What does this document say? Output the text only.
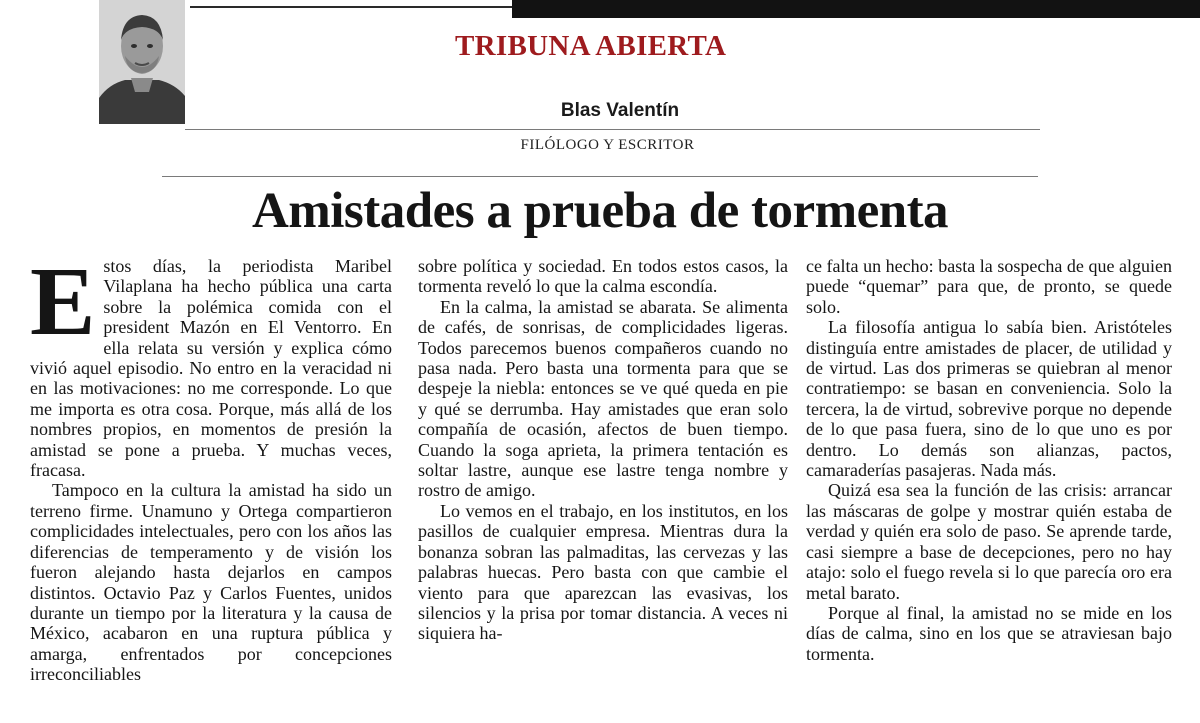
TRIBUNA ABIERTA
Blas Valentín
FILÓLOGO Y ESCRITOR
Amistades a prueba de tormenta
E stos días, la periodista Maribel Vilaplana ha hecho pública una carta sobre la polémica comida con el president Mazón en El Ventorro. En ella relata su versión y explica cómo vivió aquel episodio. No entro en la veracidad ni en las motivaciones: no me corresponde. Lo que me importa es otra cosa. Porque, más allá de los nombres propios, en momentos de presión la amistad se pone a prueba. Y muchas veces, fracasa.

Tampoco en la cultura la amistad ha sido un terreno firme. Unamuno y Ortega compartieron complicidades intelectuales, pero con los años las diferencias de temperamento y de visión los fueron alejando hasta dejarlos en campos distintos. Octavio Paz y Carlos Fuentes, unidos durante un tiempo por la literatura y la causa de México, acabaron en una ruptura pública y amarga, enfrentados por concepciones irreconciliables

sobre política y sociedad. En todos estos casos, la tormenta reveló lo que la calma escondía.

En la calma, la amistad se abarata. Se alimenta de cafés, de sonrisas, de complicidades ligeras. Todos parecemos buenos compañeros cuando no pasa nada. Pero basta una tormenta para que se despeje la niebla: entonces se ve qué queda en pie y qué se derrumba. Hay amistades que eran solo compañía de ocasión, afectos de buen tiempo. Cuando la soga aprieta, la primera tentación es soltar lastre, aunque ese lastre tenga nombre y rostro de amigo.

Lo vemos en el trabajo, en los institutos, en los pasillos de cualquier empresa. Mientras dura la bonanza sobran las palmaditas, las cervezas y las palabras huecas. Pero basta con que cambie el viento para que aparezcan las evasivas, los silencios y la prisa por tomar distancia. A veces ni siquiera ha-

ce falta un hecho: basta la sospecha de que alguien puede “quemar” para que, de pronto, se quede solo.

La filosofía antigua lo sabía bien. Aristóteles distinguía entre amistades de placer, de utilidad y de virtud. Las dos primeras se quiebran al menor contratiempo: se basan en conveniencia. Solo la tercera, la de virtud, sobrevive porque no depende de lo que pasa fuera, sino de lo que uno es por dentro. Lo demás son alianzas, pactos, camaraderías pasajeras. Nada más.

Quizá esa sea la función de las crisis: arrancar las máscaras de golpe y mostrar quién estaba de verdad y quién era solo de paso. Se aprende tarde, casi siempre a base de decepciones, pero no hay atajo: solo el fuego revela si lo que parecía oro era metal barato.

Porque al final, la amistad no se mide en los días de calma, sino en los que se atraviesan bajo tormenta.
